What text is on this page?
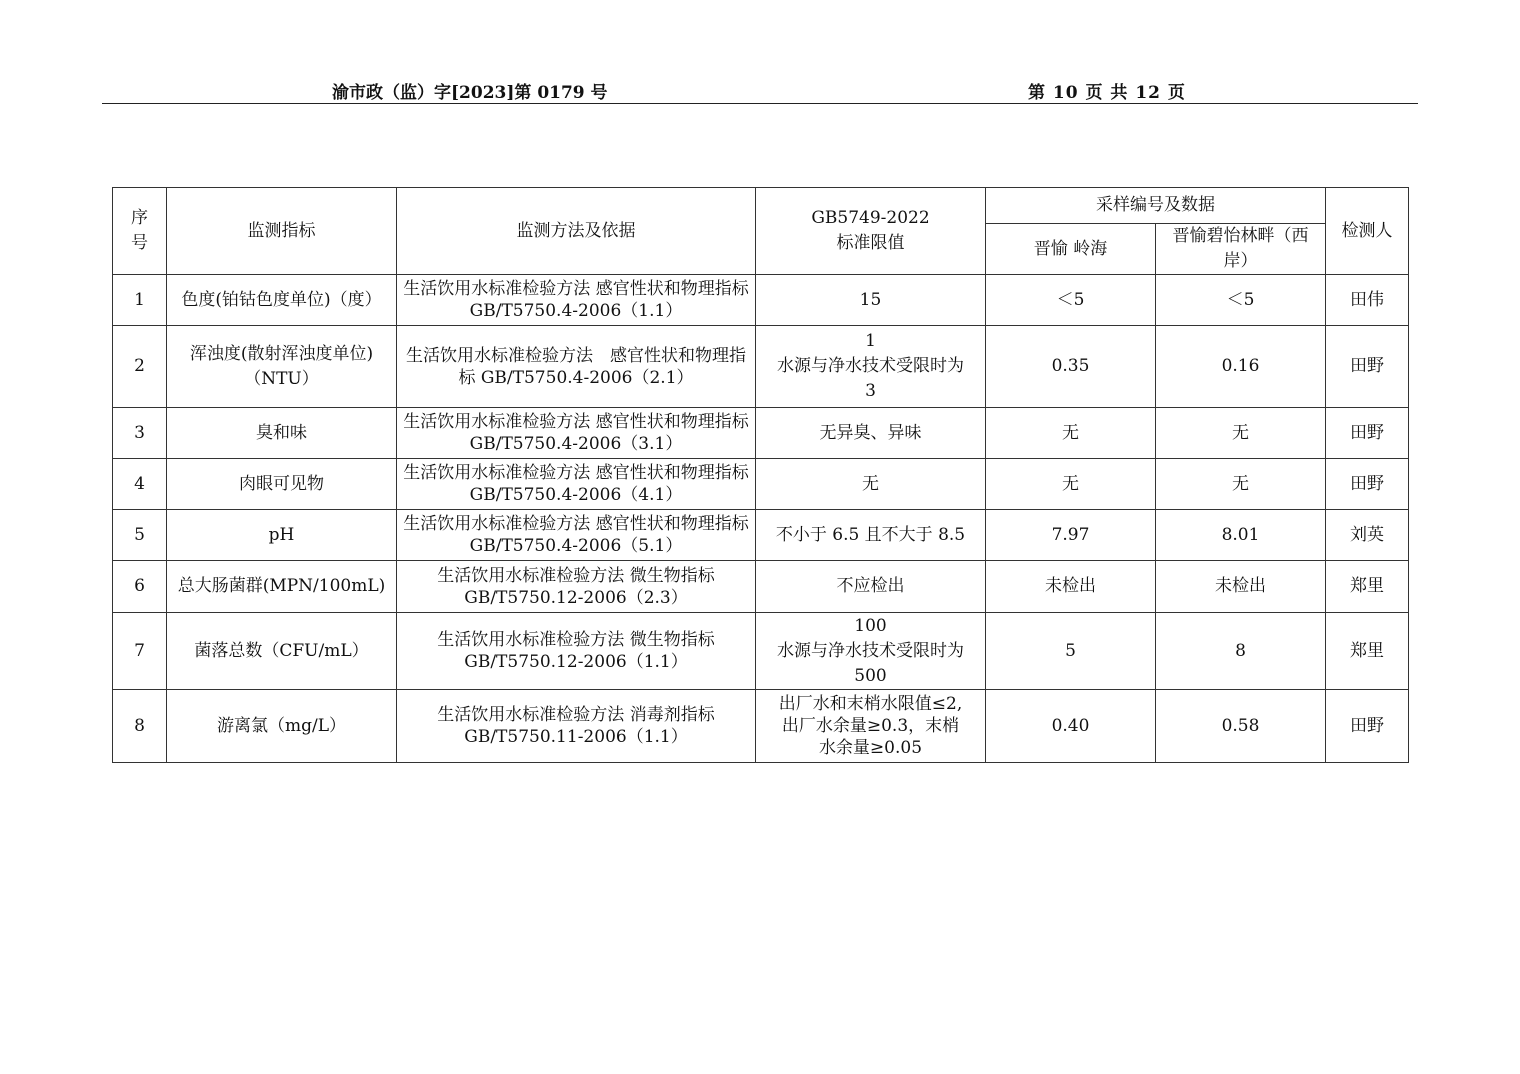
渝市政（监）字[2023]第 0179 号	第 10 页 共 12 页
序
号	监测指标	监测方法及依据	GB5749-2022
标准限值	采样编号及数据		检测人
				晋愉 岭海	晋愉碧怡林畔（西岸）	
1	色度(铂钴色度单位)（度）	生活饮用水标准检验方法 感官性状和物理指标
GB/T5750.4-2006（1.1）	15	＜5	＜5	田伟
2	浑浊度(散射浑浊度单位)
（NTU）	生活饮用水标准检验方法　感官性状和物理指
标 GB/T5750.4-2006（2.1）	1
水源与净水技术受限时为
3	0.35	0.16	田野
3	臭和味	生活饮用水标准检验方法 感官性状和物理指标
GB/T5750.4-2006（3.1）	无异臭、异味	无	无	田野
4	肉眼可见物	生活饮用水标准检验方法 感官性状和物理指标
GB/T5750.4-2006（4.1）	无	无	无	田野
5	pH	生活饮用水标准检验方法 感官性状和物理指标
GB/T5750.4-2006（5.1）	不小于 6.5 且不大于 8.5	7.97	8.01	刘英
6	总大肠菌群(MPN/100mL)	生活饮用水标准检验方法 微生物指标
GB/T5750.12-2006（2.3）	不应检出	未检出	未检出	郑里
7	菌落总数（CFU/mL）	生活饮用水标准检验方法 微生物指标
GB/T5750.12-2006（1.1）	100
水源与净水技术受限时为
500	5	8	郑里
8	游离氯（mg/L）	生活饮用水标准检验方法 消毒剂指标
GB/T5750.11-2006（1.1）	出厂水和末梢水限值≤2,
出厂水余量≥0.3，末梢
水余量≥0.05	0.40	0.58	田野
